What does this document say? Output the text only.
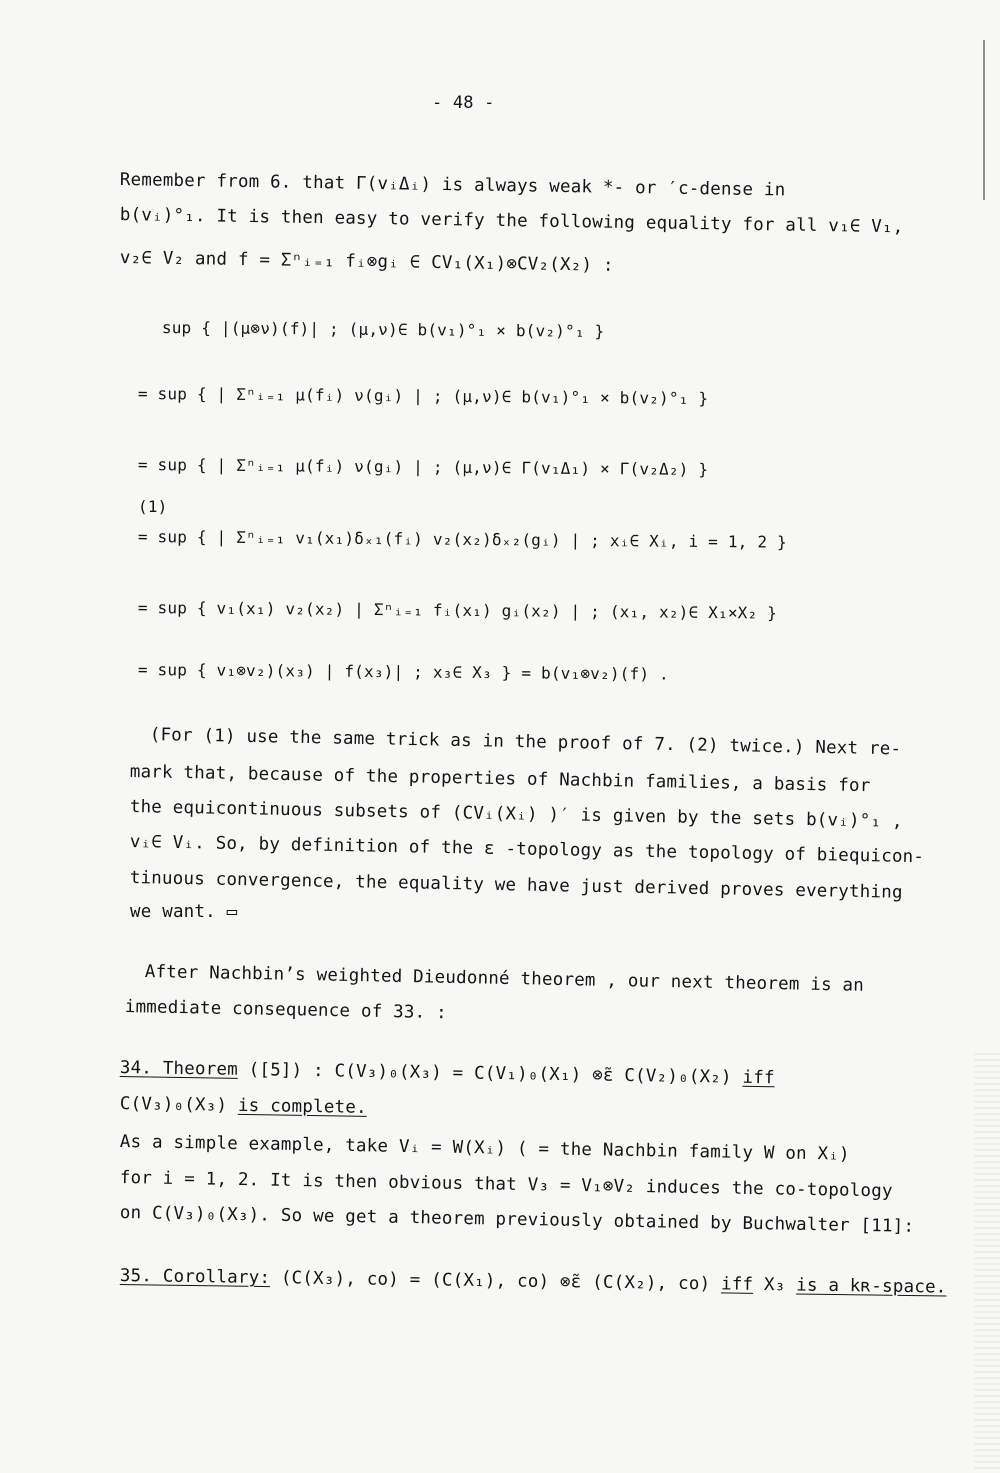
- 48 -
Remember from 6. that Γ(vᵢΔᵢ) is always weak *- or ′c-dense in
b(vᵢ)°₁. It is then easy to verify the following equality for all v₁∈ V₁,
v₂∈ V₂ and f = Σⁿᵢ₌₁ fᵢ⊗gᵢ ∈ CV₁(X₁)⊗CV₂(X₂) :
sup { |(μ⊗ν)(f)| ; (μ,ν)∈ b(v₁)°₁ × b(v₂)°₁ }
= sup { | Σⁿᵢ₌₁ μ(fᵢ) ν(gᵢ) | ; (μ,ν)∈ b(v₁)°₁ × b(v₂)°₁ }
= sup { | Σⁿᵢ₌₁ μ(fᵢ) ν(gᵢ) | ; (μ,ν)∈ Γ(v₁Δ₁) × Γ(v₂Δ₂) }
(1)
= sup { | Σⁿᵢ₌₁ v₁(x₁)δₓ₁(fᵢ) v₂(x₂)δₓ₂(gᵢ) | ; xᵢ∈ Xᵢ, i = 1, 2 }
= sup { v₁(x₁) v₂(x₂) | Σⁿᵢ₌₁ fᵢ(x₁) gᵢ(x₂) | ; (x₁, x₂)∈ X₁×X₂ }
= sup { v₁⊗v₂)(x₃) | f(x₃)| ; x₃∈ X₃ } = b(v₁⊗v₂)(f) .
(For (1) use the same trick as in the proof of 7. (2) twice.) Next re-
mark that, because of the properties of Nachbin families, a basis for
the equicontinuous subsets of (CVᵢ(Xᵢ) )′ is given by the sets b(vᵢ)°₁ ,
vᵢ∈ Vᵢ. So, by definition of the ε -topology as the topology of biequicon-
tinuous convergence, the equality we have just derived proves everything
we want. ▭
After Nachbin’s weighted Dieudonné theorem , our next theorem is an
immediate consequence of 33. :
34. Theorem ([5]) : C(V₃)₀(X₃) = C(V₁)₀(X₁) ⊗̃ε C(V₂)₀(X₂) iff
C(V₃)₀(X₃) is complete.
As a simple example, take Vᵢ = W(Xᵢ) ( = the Nachbin family W on Xᵢ)
for i = 1, 2. It is then obvious that V₃ = V₁⊗V₂ induces the co-topology
on C(V₃)₀(X₃). So we get a theorem previously obtained by Buchwalter [11]:
35. Corollary: (C(X₃), co) = (C(X₁), co) ⊗̃ε (C(X₂), co) iff X₃ is a kʀ-space.
